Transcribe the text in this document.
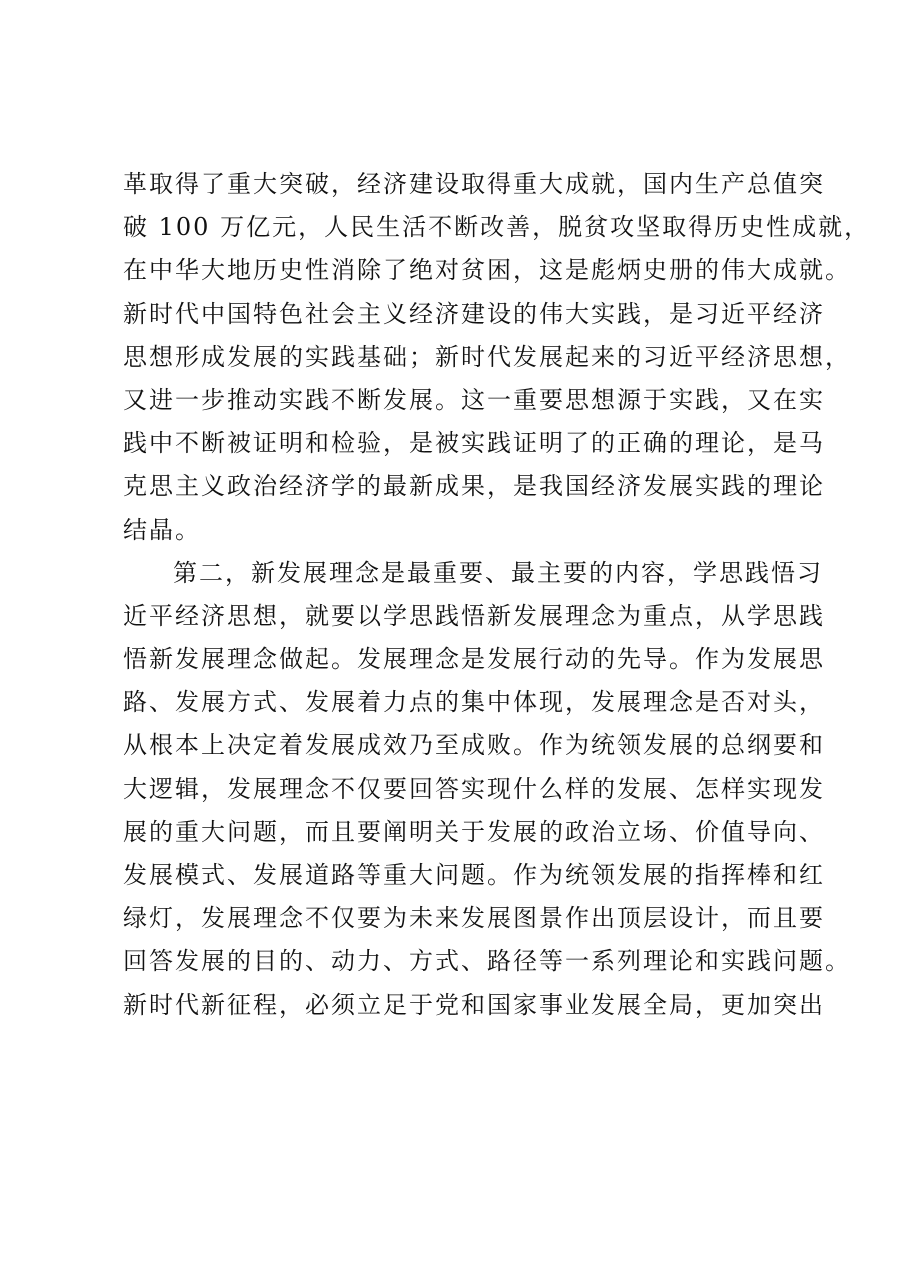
革取得了重大突破，经济建设取得重大成就，国内生产总值突
破 100 万亿元，人民生活不断改善，脱贫攻坚取得历史性成就，
在中华大地历史性消除了绝对贫困，这是彪炳史册的伟大成就。
新时代中国特色社会主义经济建设的伟大实践，是习近平经济
思想形成发展的实践基础；新时代发展起来的习近平经济思想，
又进一步推动实践不断发展。这一重要思想源于实践，又在实
践中不断被证明和检验，是被实践证明了的正确的理论，是马
克思主义政治经济学的最新成果，是我国经济发展实践的理论
结晶。
第二，新发展理念是最重要、最主要的内容，学思践悟习
近平经济思想，就要以学思践悟新发展理念为重点，从学思践
悟新发展理念做起。发展理念是发展行动的先导。作为发展思
路、发展方式、发展着力点的集中体现，发展理念是否对头，
从根本上决定着发展成效乃至成败。作为统领发展的总纲要和
大逻辑，发展理念不仅要回答实现什么样的发展、怎样实现发
展的重大问题，而且要阐明关于发展的政治立场、价值导向、
发展模式、发展道路等重大问题。作为统领发展的指挥棒和红
绿灯，发展理念不仅要为未来发展图景作出顶层设计，而且要
回答发展的目的、动力、方式、路径等一系列理论和实践问题。
新时代新征程，必须立足于党和国家事业发展全局，更加突出
